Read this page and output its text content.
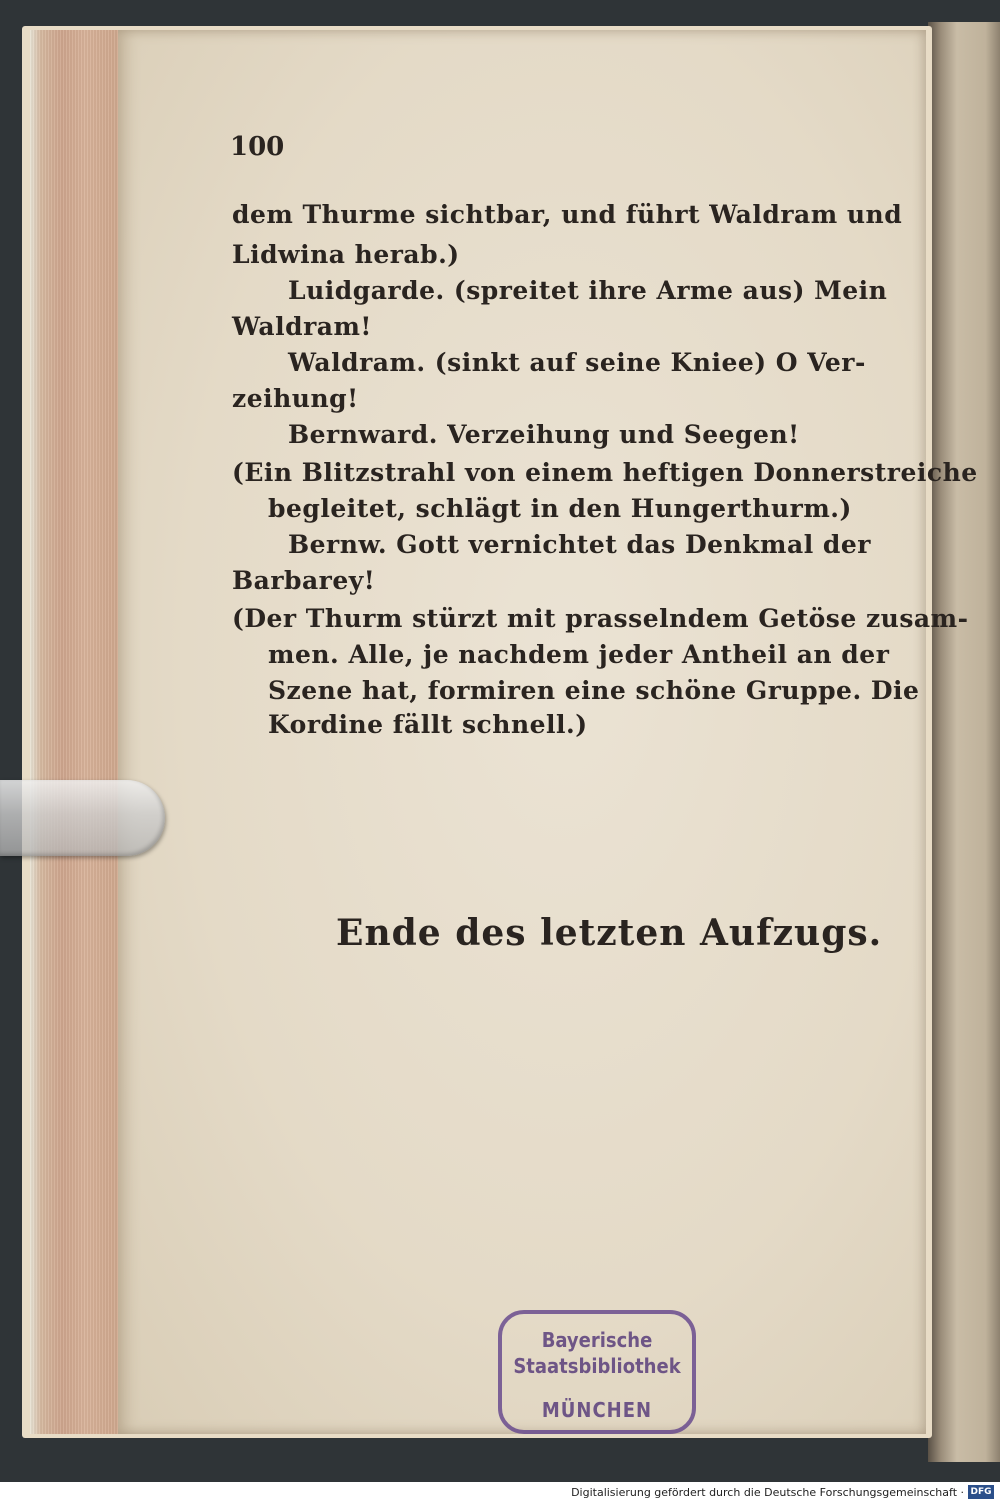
100
dem Thurme sichtbar, und führt Waldram und
Lidwina herab.)
Luidgarde. (spreitet ihre Arme aus) Mein
Waldram!
Waldram. (sinkt auf seine Kniee) O Ver-
zeihung!
Bernward. Verzeihung und Seegen!
(Ein Blitzstrahl von einem heftigen Donnerstreiche
begleitet, schlägt in den Hungerthurm.)
Bernw. Gott vernichtet das Denkmal der
Barbarey!
(Der Thurm stürzt mit prasselndem Getöse zusam-
men. Alle, je nachdem jeder Antheil an der
Szene hat, formiren eine schöne Gruppe. Die
Kordine fällt schnell.)
Ende des letzten Aufzugs.
Bayerische
Staatsbibliothek
MÜNCHEN
Digitalisierung gefördert durch die Deutsche Forschungsgemeinschaft · DFG
